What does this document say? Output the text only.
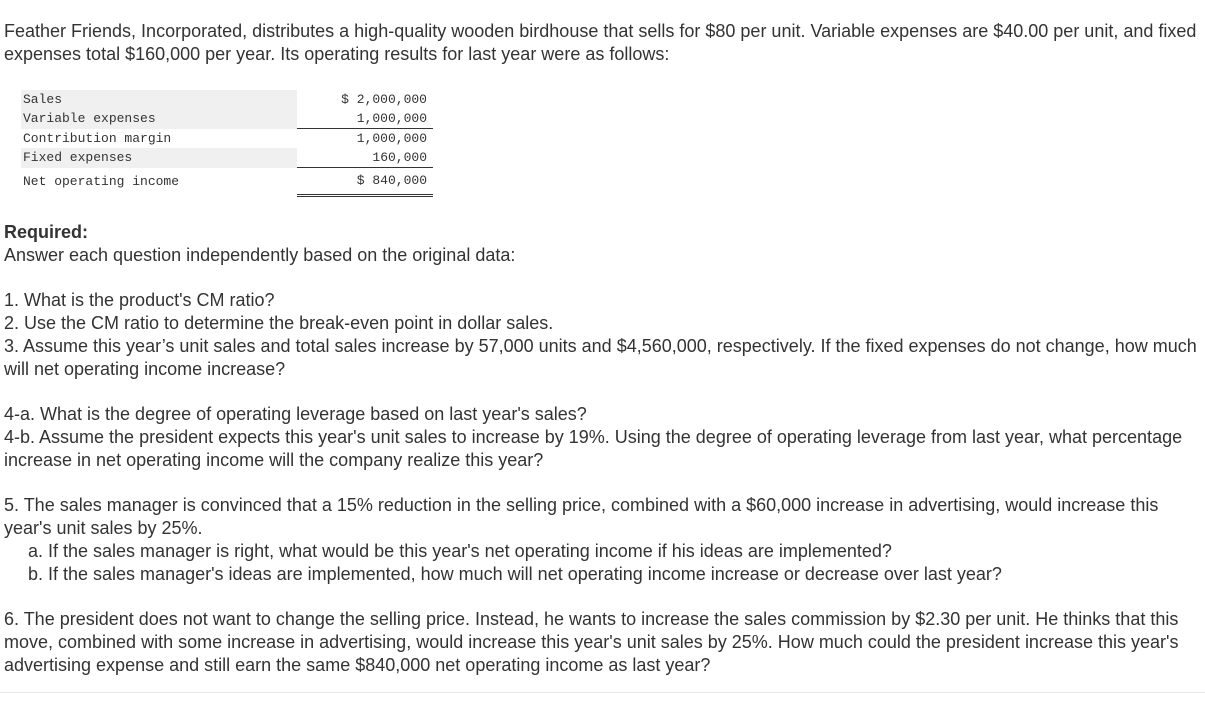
Feather Friends, Incorporated, distributes a high-quality wooden birdhouse that sells for $80 per unit. Variable expenses are $40.00 per unit, and fixed expenses total $160,000 per year. Its operating results for last year were as follows:

Sales	$ 2,000,000
Variable expenses	1,000,000
Contribution margin	1,000,000
Fixed expenses	160,000
Net operating income	$ 840,000

Required:

Answer each question independently based on the original data:

1. What is the product's CM ratio?

2. Use the CM ratio to determine the break-even point in dollar sales.

3. Assume this year’s unit sales and total sales increase by 57,000 units and $4,560,000, respectively. If the fixed expenses do not change, how much will net operating income increase?

4-a. What is the degree of operating leverage based on last year's sales?

4-b. Assume the president expects this year's unit sales to increase by 19%. Using the degree of operating leverage from last year, what percentage increase in net operating income will the company realize this year?

5. The sales manager is convinced that a 15% reduction in the selling price, combined with a $60,000 increase in advertising, would increase this year's unit sales by 25%.

a. If the sales manager is right, what would be this year's net operating income if his ideas are implemented?

b. If the sales manager's ideas are implemented, how much will net operating income increase or decrease over last year?

6. The president does not want to change the selling price. Instead, he wants to increase the sales commission by $2.30 per unit. He thinks that this move, combined with some increase in advertising, would increase this year's unit sales by 25%. How much could the president increase this year's advertising expense and still earn the same $840,000 net operating income as last year?
